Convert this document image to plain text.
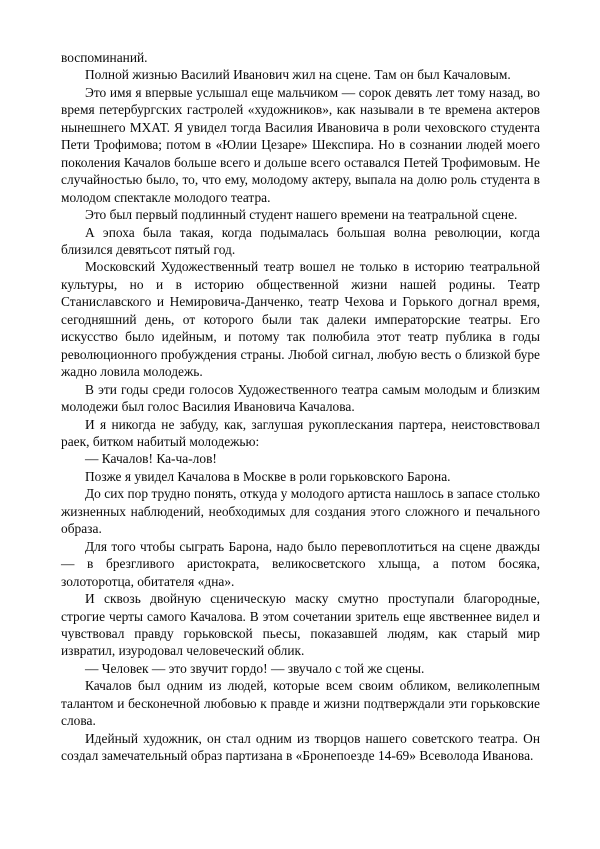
воспоминаний.

Полной жизнью Василий Иванович жил на сцене. Там он был Качаловым.

Это имя я впервые услышал еще мальчиком — сорок девять лет тому назад, во время петербургских гастролей «художников», как называли в те времена актеров нынешнего МХАТ. Я увидел тогда Василия Ивановича в роли чеховского студента Пети Трофимова; потом в «Юлии Цезаре» Шекспира. Но в сознании людей моего поколения Качалов больше всего и дольше всего оставался Петей Трофимовым. Не случайностью было, то, что ему, молодому актеру, выпала на долю роль студента в молодом спектакле молодого театра.

Это был первый подлинный студент нашего времени на театральной сцене.

А эпоха была такая, когда подымалась большая волна революции, когда близился девятьсот пятый год.

Московский Художественный театр вошел не только в историю театральной культуры, но и в историю общественной жизни нашей родины. Театр Станиславского и Немировича-Данченко, театр Чехова и Горького догнал время, сегодняшний день, от которого были так далеки императорские театры. Его искусство было идейным, и потому так полюбила этот театр публика в годы революционного пробуждения страны. Любой сигнал, любую весть о близкой буре жадно ловила молодежь.

В эти годы среди голосов Художественного театра самым молодым и близким молодежи был голос Василия Ивановича Качалова.

И я никогда не забуду, как, заглушая рукоплескания партера, неистовствовал раек, битком набитый молодежью:

— Качалов! Ка-ча-лов!

Позже я увидел Качалова в Москве в роли горьковского Барона.

До сих пор трудно понять, откуда у молодого артиста нашлось в запасе столько жизненных наблюдений, необходимых для создания этого сложного и печального образа.

Для того чтобы сыграть Барона, надо было перевоплотиться на сцене дважды — в брезгливого аристократа, великосветского хлыща, а потом босяка, золоторотца, обитателя «дна».

И сквозь двойную сценическую маску смутно проступали благородные, строгие черты самого Качалова. В этом сочетании зритель еще явственнее видел и чувствовал правду горьковской пьесы, показавшей людям, как старый мир извратил, изуродовал человеческий облик.

— Человек — это звучит гордо! — звучало с той же сцены.

Качалов был одним из людей, которые всем своим обликом, великолепным талантом и бесконечной любовью к правде и жизни подтверждали эти горьковские слова.

Идейный художник, он стал одним из творцов нашего советского театра. Он создал замечательный образ партизана в «Бронепоезде 14-69» Всеволода Иванова.
